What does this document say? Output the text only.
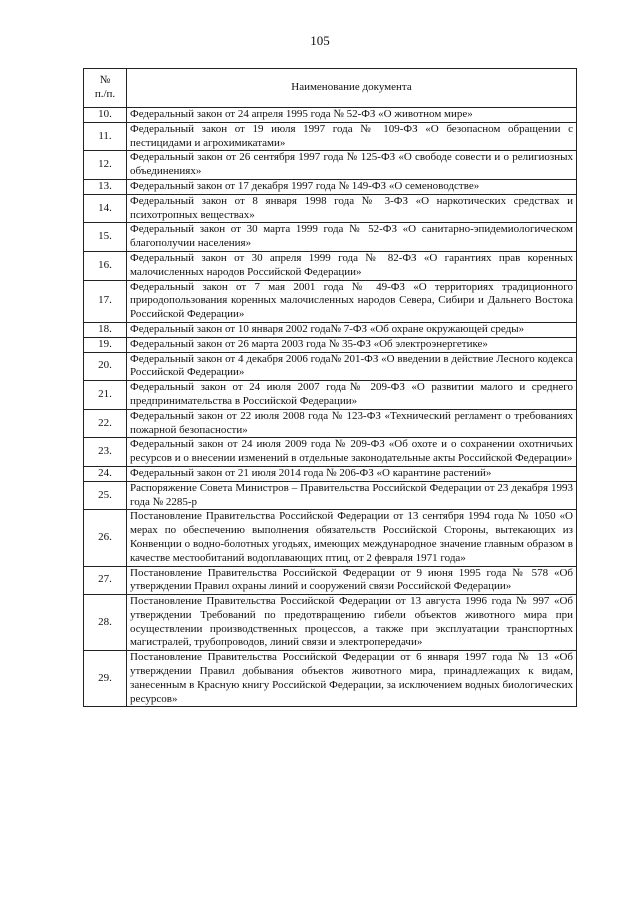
105
№
п./п.	Наименование документа
10.	Федеральный закон от 24 апреля 1995 года № 52-ФЗ «О животном мире»
11.	Федеральный закон от 19 июля 1997 года № 109-ФЗ «О безопасном обращении с пестицидами и агрохимикатами»
12.	Федеральный закон от 26 сентября 1997 года № 125-ФЗ «О свободе совести и о религиозных объединениях»
13.	Федеральный закон от 17 декабря 1997 года № 149-ФЗ «О семеноводстве»
14.	Федеральный закон от 8 января 1998 года № 3-ФЗ «О наркотических средствах и психотропных веществах»
15.	Федеральный закон от 30 марта 1999 года № 52-ФЗ «О санитарно-эпидемиологическом благополучии населения»
16.	Федеральный закон от 30 апреля 1999 года № 82-ФЗ «О гарантиях прав коренных малочисленных народов Российской Федерации»
17.	Федеральный закон от 7 мая 2001 года № 49-ФЗ «О территориях традиционного природопользования коренных малочисленных народов Севера, Сибири и Дальнего Востока Российской Федерации»
18.	Федеральный закон от 10 января 2002 года№ 7-ФЗ «Об охране окружающей среды»
19.	Федеральный закон от 26 марта 2003 года № 35-ФЗ «Об электроэнергетике»
20.	Федеральный закон от 4 декабря 2006 года№ 201-ФЗ «О введении в действие Лесного кодекса Российской Федерации»
21.	Федеральный закон от 24 июля 2007 года№ 209-ФЗ «О развитии малого и среднего предпринимательства в Российской Федерации»
22.	Федеральный закон от 22 июля 2008 года № 123-ФЗ «Технический регламент о требованиях пожарной безопасности»
23.	Федеральный закон от 24 июля 2009 года № 209-ФЗ «Об охоте и о сохранении охотничьих ресурсов и о внесении изменений в отдельные законодательные акты Российской Федерации»
24.	Федеральный закон от 21 июля 2014 года № 206-ФЗ «О карантине растений»
25.	Распоряжение Совета Министров – Правительства Российской Федерации от 23 декабря 1993 года № 2285-р
26.	Постановление Правительства Российской Федерации от 13 сентября 1994 года № 1050 «О мерах по обеспечению выполнения обязательств Российской Стороны, вытекающих из Конвенции о водно-болотных угодьях, имеющих международное значение главным образом в качестве местообитаний водоплавающих птиц, от 2 февраля 1971 года»
27.	Постановление Правительства Российской Федерации от 9 июня 1995 года № 578 «Об утверждении Правил охраны линий и сооружений связи Российской Федерации»
28.	Постановление Правительства Российской Федерации от 13 августа 1996 года № 997 «Об утверждении Требований по предотвращению гибели объектов животного мира при осуществлении производственных процессов, а также при эксплуатации транспортных магистралей, трубопроводов, линий связи и электропередачи»
29.	Постановление Правительства Российской Федерации от 6 января 1997 года № 13 «Об утверждении Правил добывания объектов животного мира, принадлежащих к видам, занесенным в Красную книгу Российской Федерации, за исключением водных биологических ресурсов»
